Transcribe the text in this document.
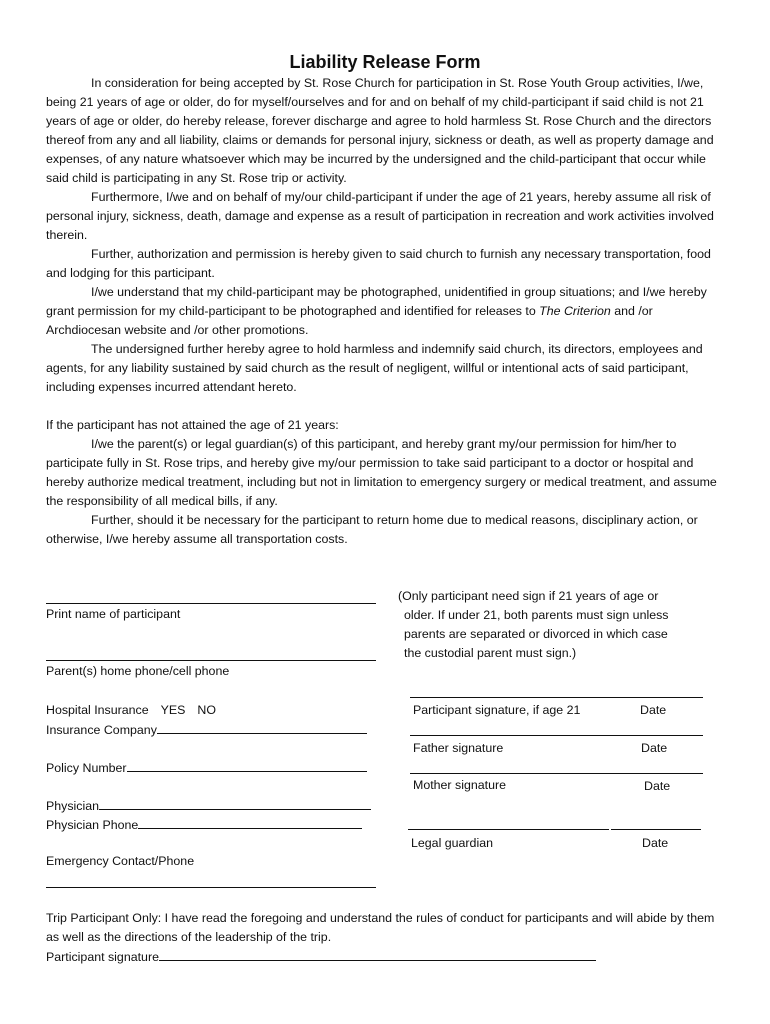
Liability Release Form

In consideration for being accepted by St. Rose Church for participation in St. Rose Youth Group activities, I/we, being 21 years of age or older, do for myself/ourselves and for and on behalf of my child-participant if said child is not 21 years of age or older, do hereby release, forever discharge and agree to hold harmless St. Rose Church and the directors thereof from any and all liability, claims or demands for personal injury, sickness or death, as well as property damage and expenses, of any nature whatsoever which may be incurred by the undersigned and the child-participant that occur while said child is participating in any St. Rose trip or activity.

Furthermore, I/we and on behalf of my/our child-participant if under the age of 21 years, hereby assume all risk of personal injury, sickness, death, damage and expense as a result of participation in recreation and work activities involved therein.

Further, authorization and permission is hereby given to said church to furnish any necessary transportation, food and lodging for this participant.

I/we understand that my child-participant may be photographed, unidentified in group situations; and I/we hereby grant permission for my child-participant to be photographed and identified for releases to The Criterion and /or Archdiocesan website and /or other promotions.

The undersigned further hereby agree to hold harmless and indemnify said church, its directors, employees and agents, for any liability sustained by said church as the result of negligent, willful or intentional acts of said participant, including expenses incurred attendant hereto.

If the participant has not attained the age of 21 years:

I/we the parent(s) or legal guardian(s) of this participant, and hereby grant my/our permission for him/her to participate fully in St. Rose trips, and hereby give my/our permission to take said participant to a doctor or hospital and hereby authorize medical treatment, including but not in limitation to emergency surgery or medical treatment, and assume the responsibility of all medical bills, if any.

Further, should it be necessary for the participant to return home due to medical reasons, disciplinary action, or otherwise, I/we hereby assume all transportation costs.

Print name of participant
Parent(s) home phone/cell phone
Hospital Insurance YES NO
Insurance Company
Policy Number
Physician
Physician Phone
Emergency Contact/Phone
(Only participant need sign if 21 years of age or
older. If under 21, both parents must sign unless
parents are separated or divorced in which case
the custodial parent must sign.)
Participant signature, if age 21	Date
Father signature	Date
Mother signature	Date
Legal guardian	Date
Trip Participant Only: I have read the foregoing and understand the rules of conduct for participants and will abide by them as well as the directions of the leadership of the trip.
Participant signature
